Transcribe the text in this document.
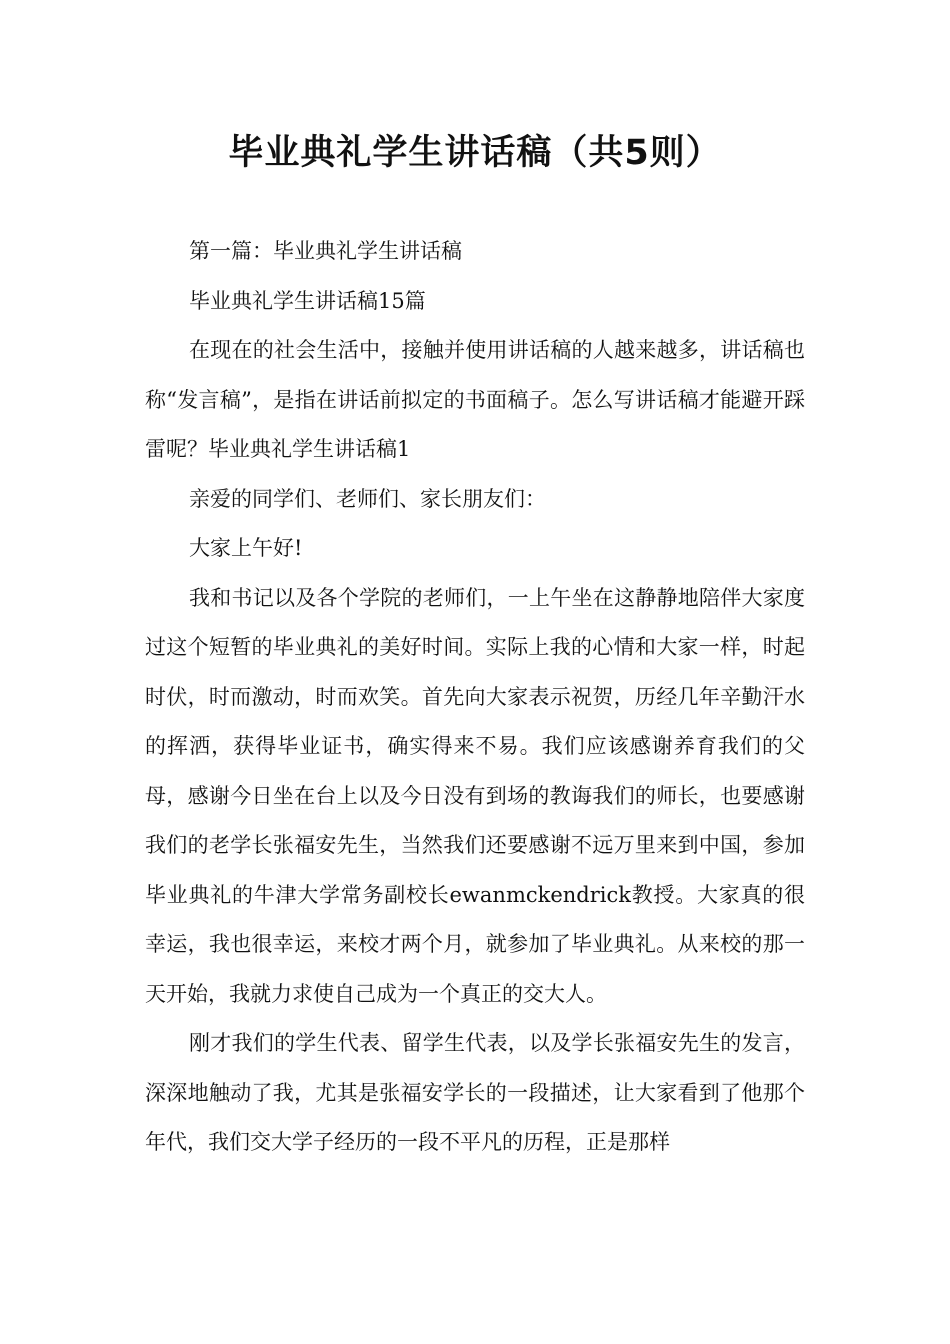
毕业典礼学生讲话稿（共5则）

第一篇：毕业典礼学生讲话稿

毕业典礼学生讲话稿15篇

在现在的社会生活中，接触并使用讲话稿的人越来越多，讲话稿也称“发言稿”，是指在讲话前拟定的书面稿子。怎么写讲话稿才能避开踩雷呢？毕业典礼学生讲话稿1

亲爱的同学们、老师们、家长朋友们：

大家上午好!

我和书记以及各个学院的老师们，一上午坐在这静静地陪伴大家度过这个短暂的毕业典礼的美好时间。实际上我的心情和大家一样，时起时伏，时而激动，时而欢笑。首先向大家表示祝贺，历经几年辛勤汗水的挥洒，获得毕业证书，确实得来不易。我们应该感谢养育我们的父母，感谢今日坐在台上以及今日没有到场的教诲我们的师长，也要感谢我们的老学长张福安先生，当然我们还要感谢不远万里来到中国，参加毕业典礼的牛津大学常务副校长ewanmckendrick教授。大家真的很幸运，我也很幸运，来校才两个月，就参加了毕业典礼。从来校的那一天开始，我就力求使自己成为一个真正的交大人。

刚才我们的学生代表、留学生代表，以及学长张福安先生的发言，深深地触动了我，尤其是张福安学长的一段描述，让大家看到了他那个年代，我们交大学子经历的一段不平凡的历程，正是那样
